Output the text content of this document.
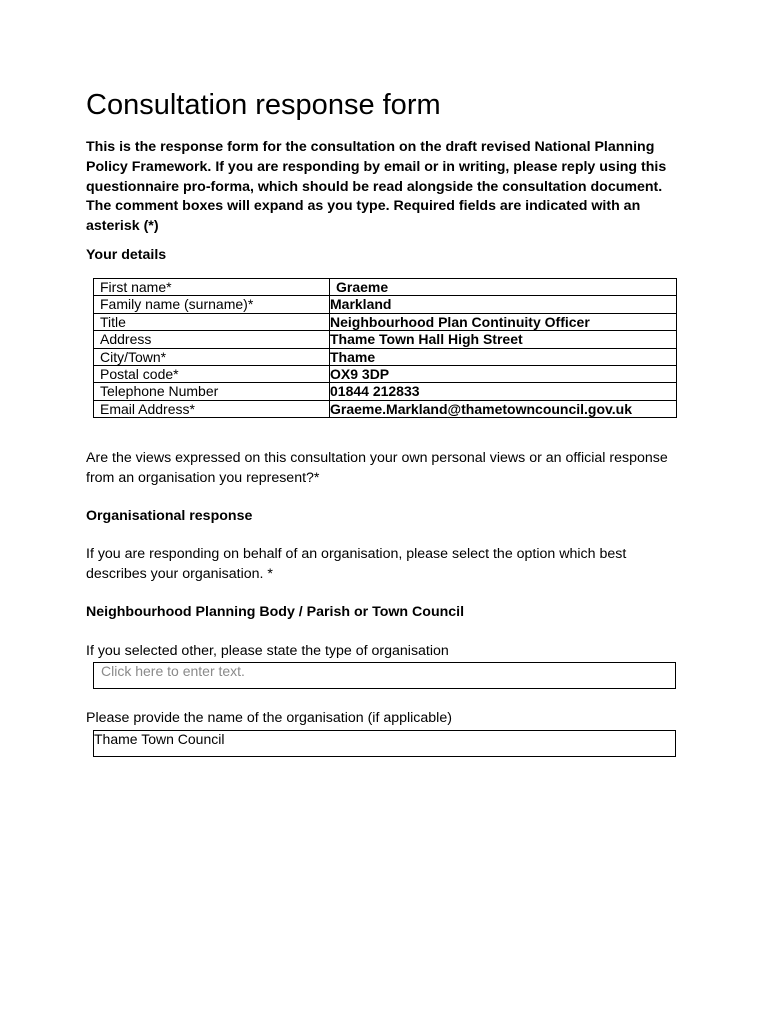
Consultation response form

This is the response form for the consultation on the draft revised National Planning Policy Framework. If you are responding by email or in writing, please reply using this questionnaire pro-forma, which should be read alongside the consultation document. The comment boxes will expand as you type. Required fields are indicated with an asterisk (*)

Your details

First name*	Graeme
Family name (surname)*	Markland
Title	Neighbourhood Plan Continuity Officer
Address	Thame Town Hall High Street
City/Town*	Thame
Postal code*	OX9 3DP
Telephone Number	01844 212833
Email Address*	Graeme.Markland@thametowncouncil.gov.uk

Are the views expressed on this consultation your own personal views or an official response from an organisation you represent?*

Organisational response

If you are responding on behalf of an organisation, please select the option which best describes your organisation. *

Neighbourhood Planning Body / Parish or Town Council

If you selected other, please state the type of organisation

Click here to enter text.

Please provide the name of the organisation (if applicable)

Thame Town Council
